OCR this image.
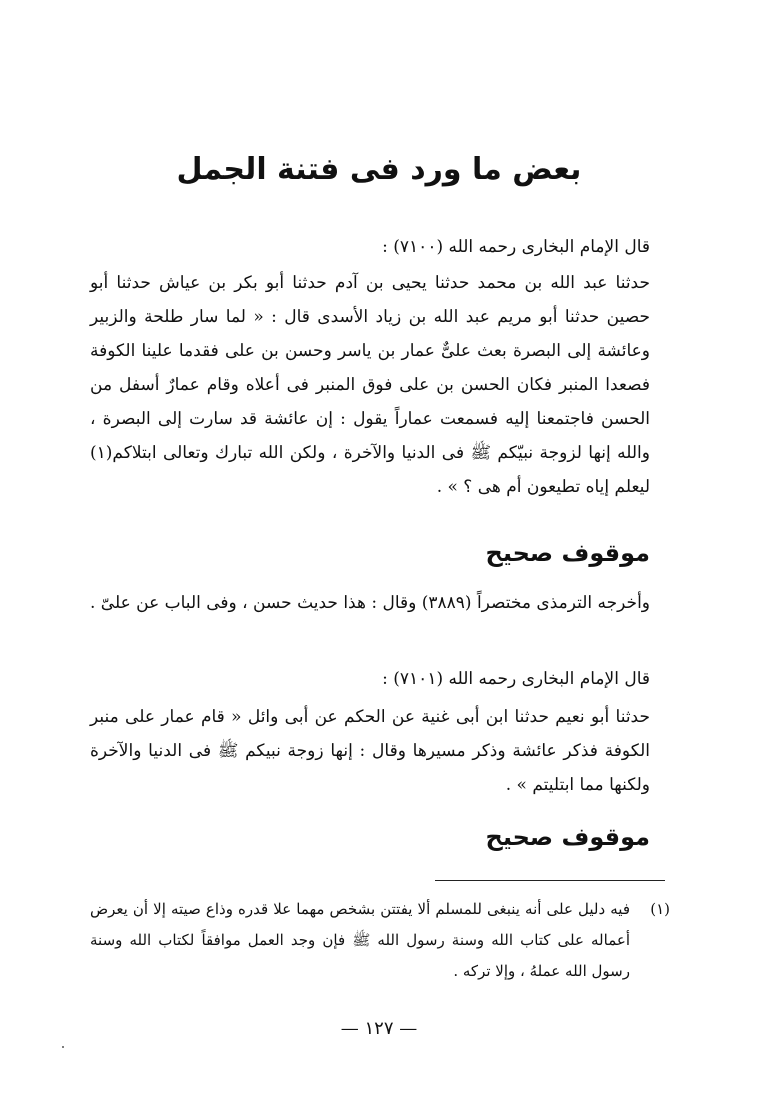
بعض ما ورد فى فتنة الجمل
قال الإمام البخارى رحمه الله (٧١٠٠) :
حدثنا عبد الله بن محمد حدثنا يحيى بن آدم حدثنا أبو بكر بن عياش حدثنا أبو حصين حدثنا أبو مريم عبد الله بن زياد الأسدى قال : « لما سار طلحة والزبير وعائشة إلى البصرة بعث علىٌّ عمار بن ياسر وحسن بن على فقدما علينا الكوفة فصعدا المنبر فكان الحسن بن على فوق المنبر فى أعلاه وقام عمارٌ أسفل من الحسن فاجتمعنا إليه فسمعت عماراً يقول : إن عائشة قد سارت إلى البصرة ، والله إنها لزوجة نبيّكم ﷺ فى الدنيا والآخرة ، ولكن الله تبارك وتعالى ابتلاكم(١) ليعلم إياه تطيعون أم هى ؟ » .
موقوف صحيح
وأخرجه الترمذى مختصراً (٣٨٨٩) وقال : هذا حديث حسن ، وفى الباب عن علىّ .
قال الإمام البخارى رحمه الله (٧١٠١) :
حدثنا أبو نعيم حدثنا ابن أبى غنية عن الحكم عن أبى وائل « قام عمار على منبر الكوفة فذكر عائشة وذكر مسيرها وقال : إنها زوجة نبيكم ﷺ فى الدنيا والآخرة ولكنها مما ابتليتم » .
موقوف صحيح
(١)
فيه دليل على أنه ينبغى للمسلم ألا يفتتن بشخص مهما علا قدره وذاع صيته إلا أن يعرض أعماله على كتاب الله وسنة رسول الله ﷺ فإن وجد العمل موافقاً لكتاب الله وسنة رسول الله عملهُ ، وإلا تركه .
— ١٢٧ —
